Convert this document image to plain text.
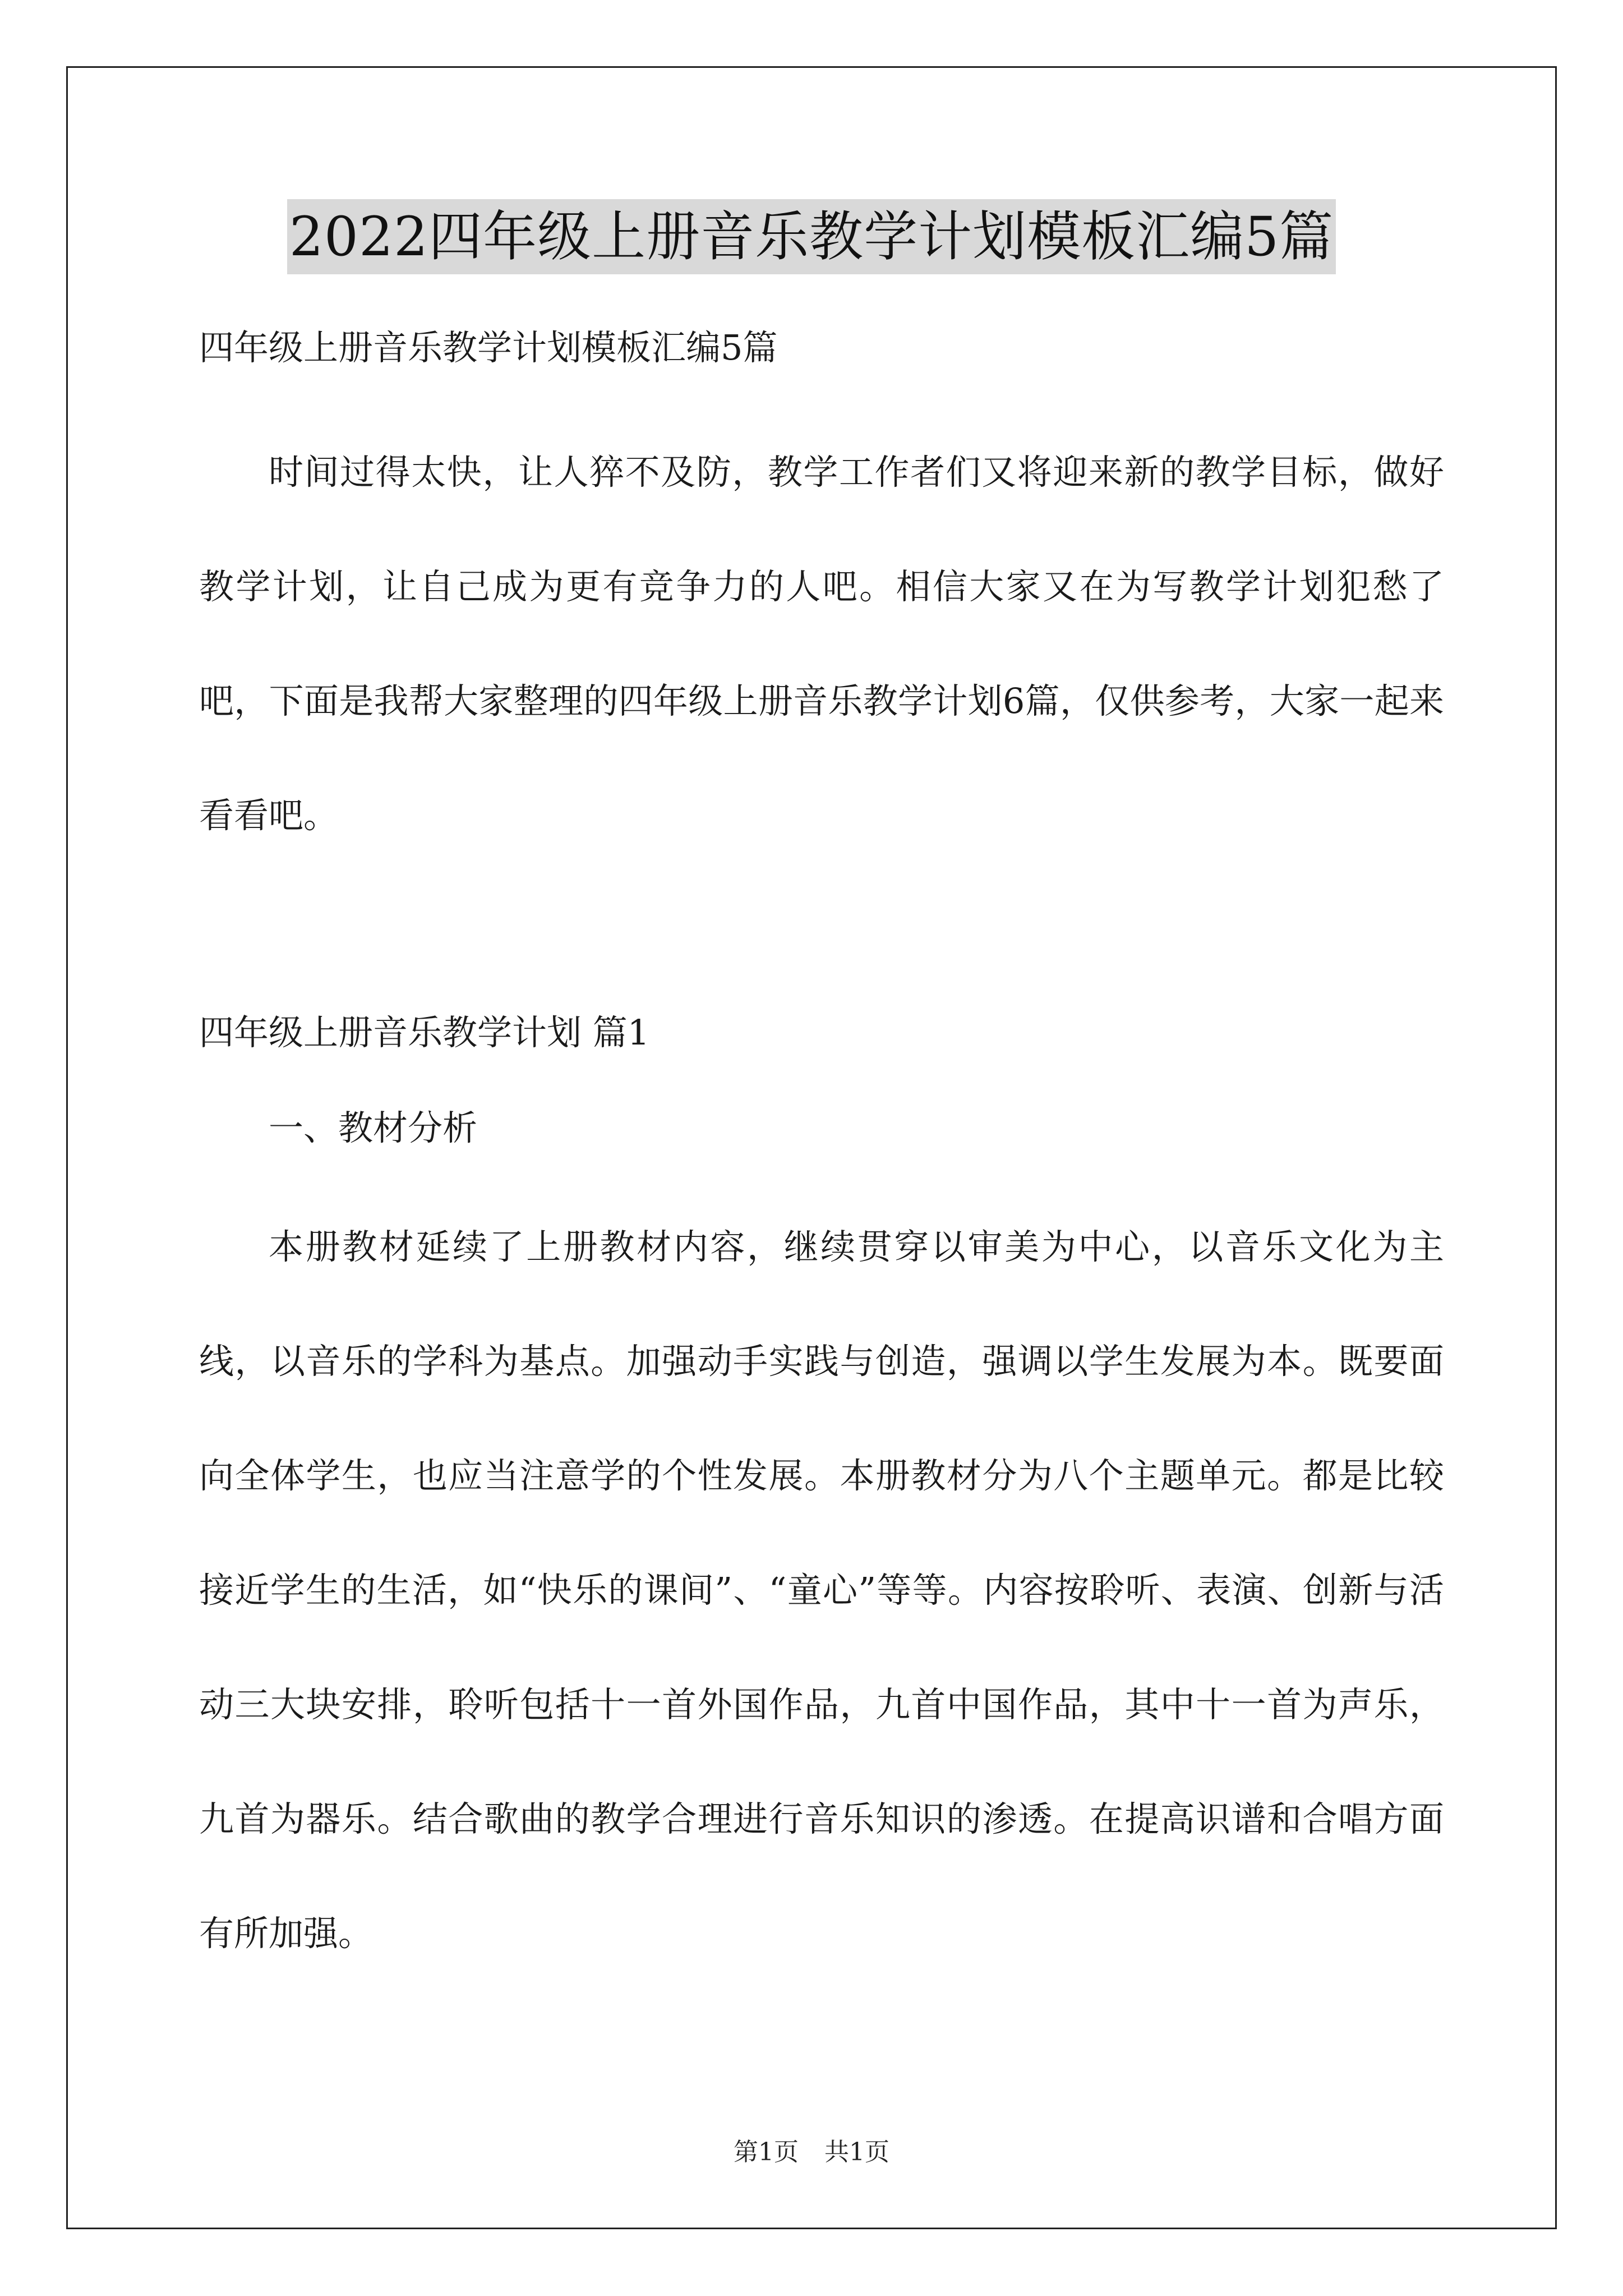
2022四年级上册音乐教学计划模板汇编5篇
四年级上册音乐教学计划模板汇编5篇

时间过得太快，让人猝不及防，教学工作者们又将迎来新的教学目标，做好教学计划，让自己成为更有竞争力的人吧。相信大家又在为写教学计划犯愁了吧，下面是我帮大家整理的四年级上册音乐教学计划6篇，仅供参考，大家一起来看看吧。

四年级上册音乐教学计划 篇1
一、教材分析

本册教材延续了上册教材内容，继续贯穿以审美为中心，以音乐文化为主线，以音乐的学科为基点。加强动手实践与创造，强调以学生发展为本。既要面向全体学生，也应当注意学的个性发展。本册教材分为八个主题单元。都是比较接近学生的生活，如“快乐的课间”、“童心”等等。内容按聆听、表演、创新与活动三大块安排，聆听包括十一首外国作品，九首中国作品，其中十一首为声乐，九首为器乐。结合歌曲的教学合理进行音乐知识的渗透。在提高识谱和合唱方面有所加强。

第1页 共1页
